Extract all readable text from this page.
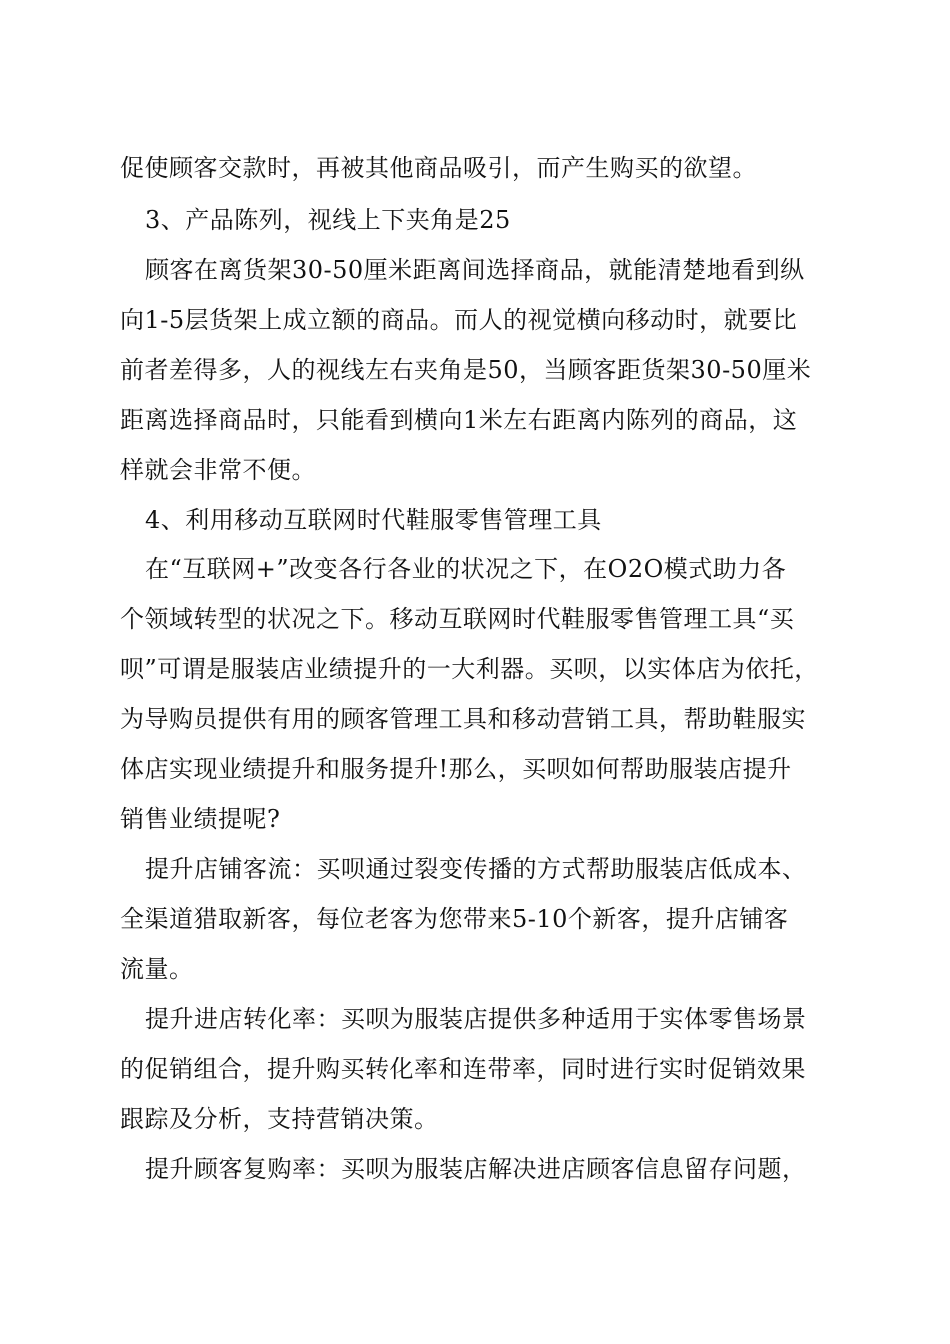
促使顾客交款时，再被其他商品吸引，而产生购买的欲望。

3、产品陈列，视线上下夹角是25

顾客在离货架30-50厘米距离间选择商品，就能清楚地看到纵

向1-5层货架上成立额的商品。而人的视觉横向移动时，就要比

前者差得多，人的视线左右夹角是50，当顾客距货架30-50厘米

距离选择商品时，只能看到横向1米左右距离内陈列的商品，这

样就会非常不便。

4、利用移动互联网时代鞋服零售管理工具

在“互联网+”改变各行各业的状况之下，在O2O模式助力各

个领域转型的状况之下。移动互联网时代鞋服零售管理工具“买

呗”可谓是服装店业绩提升的一大利器。买呗，以实体店为依托，

为导购员提供有用的顾客管理工具和移动营销工具，帮助鞋服实

体店实现业绩提升和服务提升!那么，买呗如何帮助服装店提升

销售业绩提呢?

提升店铺客流：买呗通过裂变传播的方式帮助服装店低成本、

全渠道猎取新客，每位老客为您带来5-10个新客，提升店铺客

流量。

提升进店转化率：买呗为服装店提供多种适用于实体零售场景

的促销组合，提升购买转化率和连带率，同时进行实时促销效果

跟踪及分析，支持营销决策。

提升顾客复购率：买呗为服装店解决进店顾客信息留存问题，
